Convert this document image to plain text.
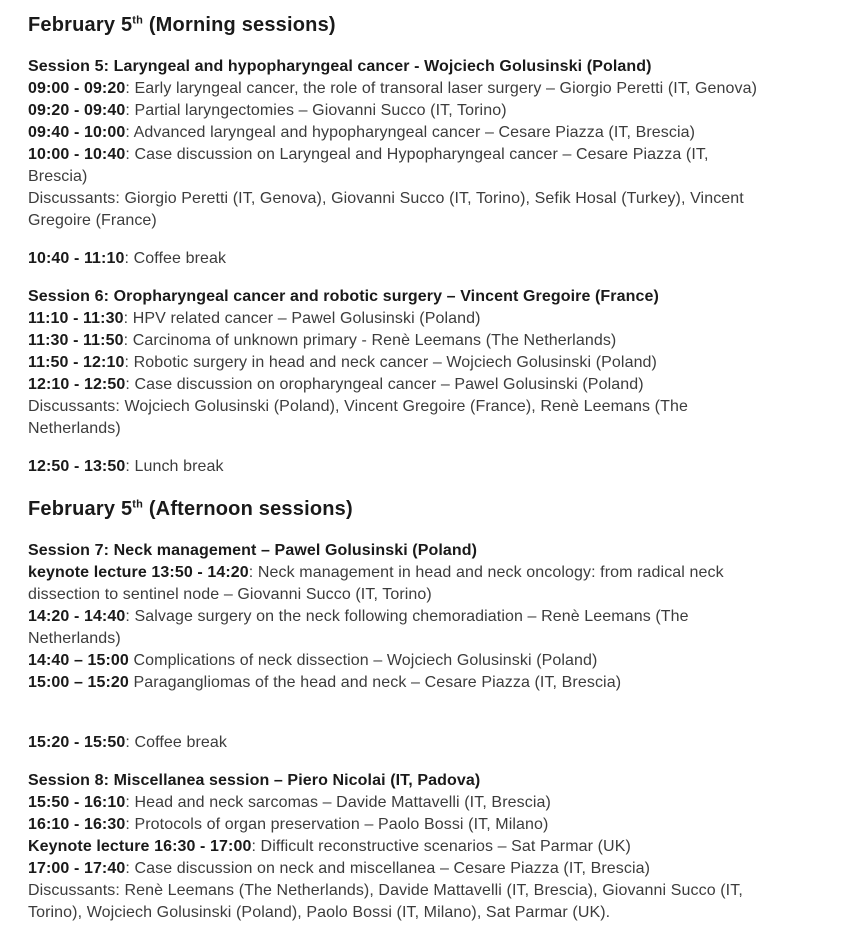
February 5th (Morning sessions)
Session 5: Laryngeal and hypopharyngeal cancer - Wojciech Golusinski (Poland)
09:00 - 09:20: Early laryngeal cancer, the role of transoral laser surgery – Giorgio Peretti (IT, Genova)
09:20 - 09:40: Partial laryngectomies – Giovanni Succo (IT, Torino)
09:40 - 10:00: Advanced laryngeal and hypopharyngeal cancer – Cesare Piazza (IT, Brescia)
10:00 - 10:40: Case discussion on Laryngeal and Hypopharyngeal cancer – Cesare Piazza (IT,
Brescia)
Discussants: Giorgio Peretti (IT, Genova), Giovanni Succo (IT, Torino), Sefik Hosal (Turkey), Vincent
Gregoire (France)
10:40 - 11:10: Coffee break
Session 6: Oropharyngeal cancer and robotic surgery – Vincent Gregoire (France)
11:10 - 11:30: HPV related cancer – Pawel Golusinski (Poland)
11:30 - 11:50: Carcinoma of unknown primary - Renè Leemans (The Netherlands)
11:50 - 12:10: Robotic surgery in head and neck cancer – Wojciech Golusinski (Poland)
12:10 - 12:50: Case discussion on oropharyngeal cancer – Pawel Golusinski (Poland)
Discussants: Wojciech Golusinski (Poland), Vincent Gregoire (France), Renè Leemans (The
Netherlands)
12:50 - 13:50: Lunch break
February 5th (Afternoon sessions)
Session 7: Neck management – Pawel Golusinski (Poland)
keynote lecture 13:50 - 14:20: Neck management in head and neck oncology: from radical neck
dissection to sentinel node – Giovanni Succo (IT, Torino)
14:20 - 14:40: Salvage surgery on the neck following chemoradiation – Renè Leemans (The
Netherlands)
14:40 – 15:00 Complications of neck dissection – Wojciech Golusinski (Poland)
15:00 – 15:20 Paragangliomas of the head and neck – Cesare Piazza (IT, Brescia)
15:20 - 15:50: Coffee break
Session 8: Miscellanea session – Piero Nicolai (IT, Padova)
15:50 - 16:10: Head and neck sarcomas – Davide Mattavelli (IT, Brescia)
16:10 - 16:30: Protocols of organ preservation – Paolo Bossi (IT, Milano)
Keynote lecture 16:30 - 17:00: Difficult reconstructive scenarios – Sat Parmar (UK)
17:00 - 17:40: Case discussion on neck and miscellanea – Cesare Piazza (IT, Brescia)
Discussants: Renè Leemans (The Netherlands), Davide Mattavelli (IT, Brescia), Giovanni Succo (IT,
Torino), Wojciech Golusinski (Poland), Paolo Bossi (IT, Milano), Sat Parmar (UK).
